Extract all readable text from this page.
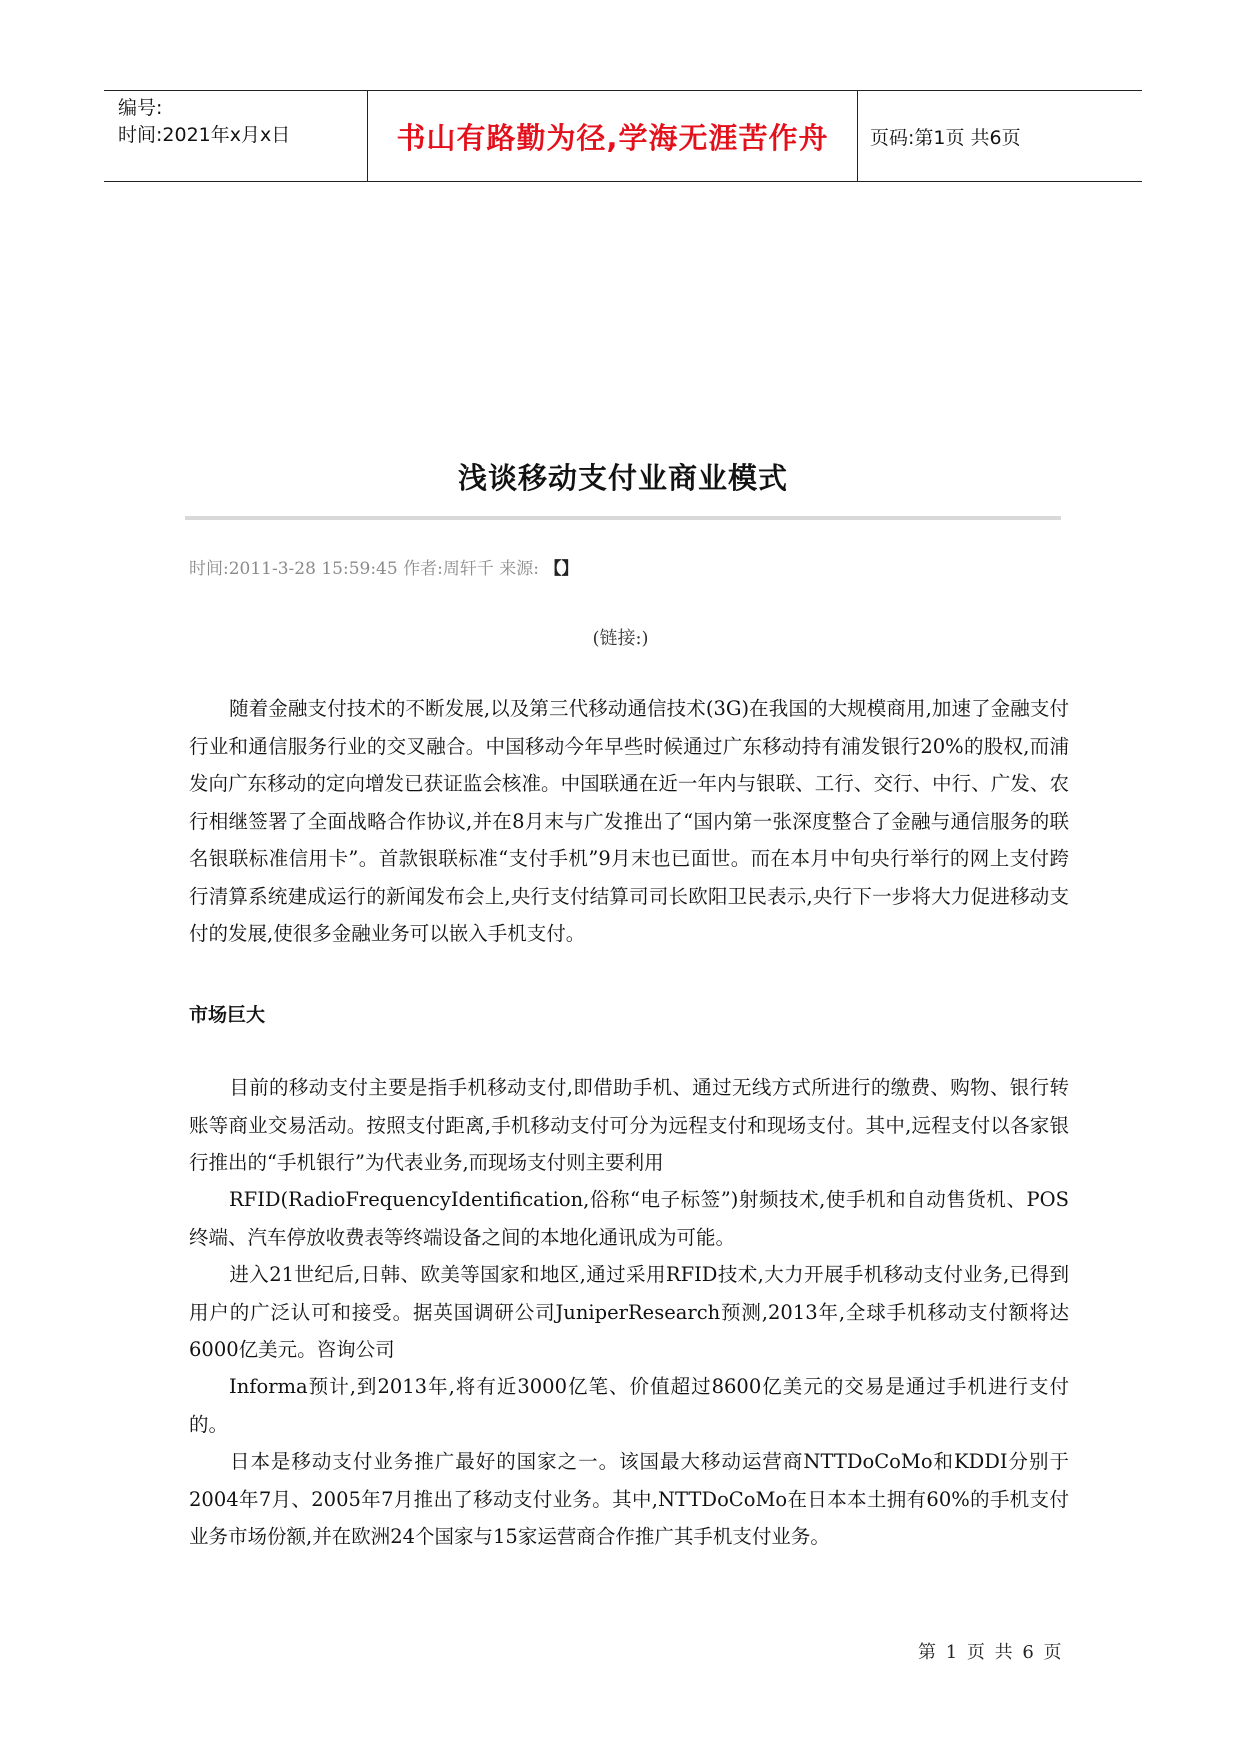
编号:
时间:2021年x月x日	书山有路勤为径,学海无涯苦作舟	页码:第1页 共6页
浅谈移动支付业商业模式
时间:2011-3-28 15:59:45 作者:周轩千 来源: 【】
(链接:)
随着金融支付技术的不断发展,以及第三代移动通信技术(3G)在我国的大规模商用,加速了金融支付行业和通信服务行业的交叉融合。中国移动今年早些时候通过广东移动持有浦发银行20%的股权,而浦发向广东移动的定向增发已获证监会核准。中国联通在近一年内与银联、工行、交行、中行、广发、农行相继签署了全面战略合作协议,并在8月末与广发推出了“国内第一张深度整合了金融与通信服务的联名银联标准信用卡”。首款银联标准“支付手机”9月末也已面世。而在本月中旬央行举行的网上支付跨行清算系统建成运行的新闻发布会上,央行支付结算司司长欧阳卫民表示,央行下一步将大力促进移动支付的发展,使很多金融业务可以嵌入手机支付。
市场巨大
目前的移动支付主要是指手机移动支付,即借助手机、通过无线方式所进行的缴费、购物、银行转账等商业交易活动。按照支付距离,手机移动支付可分为远程支付和现场支付。其中,远程支付以各家银行推出的“手机银行”为代表业务,而现场支付则主要利用
RFID(RadioFrequencyIdentification,俗称“电子标签”)射频技术,使手机和自动售货机、POS终端、汽车停放收费表等终端设备之间的本地化通讯成为可能。
进入21世纪后,日韩、欧美等国家和地区,通过采用RFID技术,大力开展手机移动支付业务,已得到用户的广泛认可和接受。据英国调研公司JuniperResearch预测,2013年,全球手机移动支付额将达6000亿美元。咨询公司
Informa预计,到2013年,将有近3000亿笔、价值超过8600亿美元的交易是通过手机进行支付的。
日本是移动支付业务推广最好的国家之一。该国最大移动运营商NTTDoCoMo和KDDI分别于2004年7月、2005年7月推出了移动支付业务。其中,NTTDoCoMo在日本本土拥有60%的手机支付业务市场份额,并在欧洲24个国家与15家运营商合作推广其手机支付业务。
第 1 页 共 6 页
